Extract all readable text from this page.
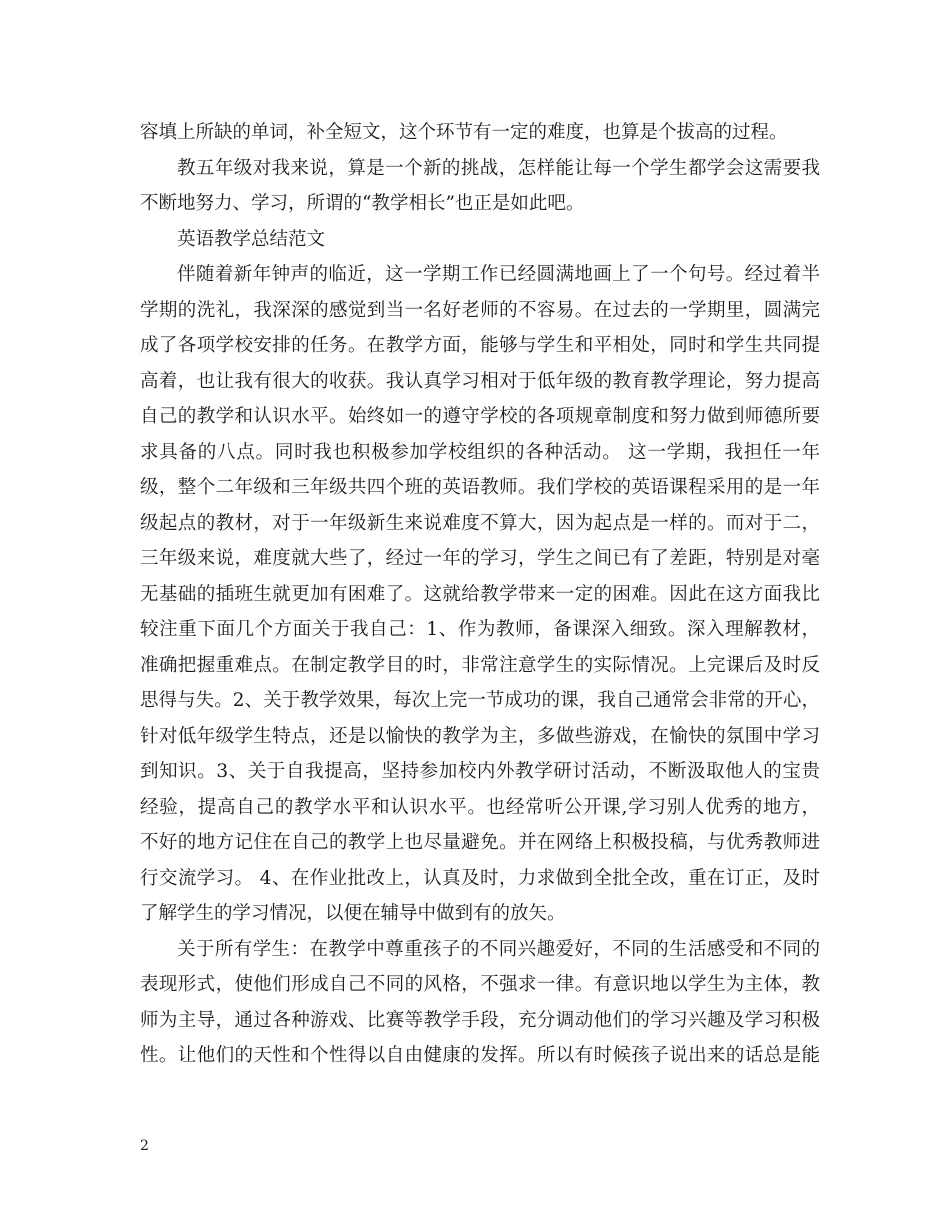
容填上所缺的单词，补全短文，这个环节有一定的难度，也算是个拔高的过程。
教五年级对我来说，算是一个新的挑战，怎样能让每一个学生都学会这需要我
不断地努力、学习，所谓的“教学相长”也正是如此吧。
英语教学总结范文
伴随着新年钟声的临近，这一学期工作已经圆满地画上了一个句号。经过着半
学期的洗礼，我深深的感觉到当一名好老师的不容易。在过去的一学期里，圆满完
成了各项学校安排的任务。在教学方面，能够与学生和平相处，同时和学生共同提
高着，也让我有很大的收获。我认真学习相对于低年级的教育教学理论，努力提高
自己的教学和认识水平。始终如一的遵守学校的各项规章制度和努力做到师德所要
求具备的八点。同时我也积极参加学校组织的各种活动。 这一学期，我担任一年
级，整个二年级和三年级共四个班的英语教师。我们学校的英语课程采用的是一年
级起点的教材，对于一年级新生来说难度不算大，因为起点是一样的。而对于二，
三年级来说，难度就大些了，经过一年的学习，学生之间已有了差距，特别是对毫
无基础的插班生就更加有困难了。这就给教学带来一定的困难。因此在这方面我比
较注重下面几个方面关于我自己：1、作为教师，备课深入细致。深入理解教材，
准确把握重难点。在制定教学目的时，非常注意学生的实际情况。上完课后及时反
思得与失。2、关于教学效果，每次上完一节成功的课，我自己通常会非常的开心，
针对低年级学生特点，还是以愉快的教学为主，多做些游戏，在愉快的氛围中学习
到知识。3、关于自我提高，坚持参加校内外教学研讨活动，不断汲取他人的宝贵
经验，提高自己的教学水平和认识水平。也经常听公开课,学习别人优秀的地方，
不好的地方记住在自己的教学上也尽量避免。并在网络上积极投稿，与优秀教师进
行交流学习。 4、在作业批改上，认真及时，力求做到全批全改，重在订正，及时
了解学生的学习情况，以便在辅导中做到有的放矢。
关于所有学生：在教学中尊重孩子的不同兴趣爱好，不同的生活感受和不同的
表现形式，使他们形成自己不同的风格，不强求一律。有意识地以学生为主体，教
师为主导，通过各种游戏、比赛等教学手段，充分调动他们的学习兴趣及学习积极
性。让他们的天性和个性得以自由健康的发挥。所以有时候孩子说出来的话总是能
2
